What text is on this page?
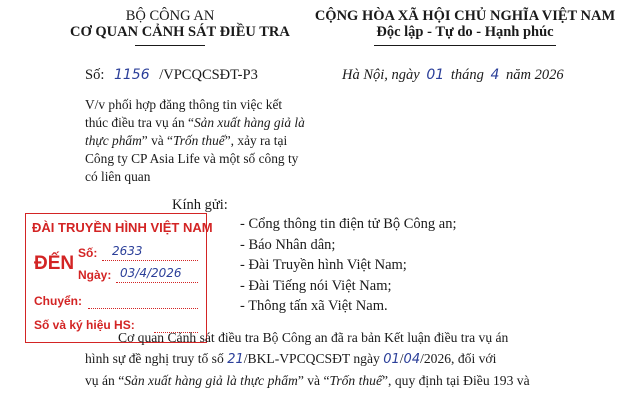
BỘ CÔNG AN
CƠ QUAN CẢNH SÁT ĐIỀU TRA
Số: 1156 /VPCQCSĐT-P3
CỘNG HÒA XÃ HỘI CHỦ NGHĨA VIỆT NAM
Độc lập - Tự do - Hạnh phúc
Hà Nội, ngày 01 tháng 4 năm 2026
V/v phối hợp đăng thông tin việc kết
thúc điều tra vụ án “Sản xuất hàng giả là
thực phẩm” và “Trốn thuế”, xảy ra tại
Công ty CP Asia Life và một số công ty
có liên quan
Kính gửi:
- Cổng thông tin điện tử Bộ Công an;
- Báo Nhân dân;
- Đài Truyền hình Việt Nam;
- Đài Tiếng nói Việt Nam;
- Thông tấn xã Việt Nam.
ĐÀI TRUYỀN HÌNH VIỆT NAM
ĐẾN Số: 2633
Ngày: 03/4/2026
Chuyển:
Số và ký hiệu HS:
Cơ quan Cảnh sát điều tra Bộ Công an đã ra bản Kết luận điều tra vụ án
hình sự đề nghị truy tố số 21/BKL-VPCQCSĐT ngày 01/04/2026, đối với
vụ án “Sản xuất hàng giả là thực phẩm” và “Trốn thuế”, quy định tại Điều 193 và
